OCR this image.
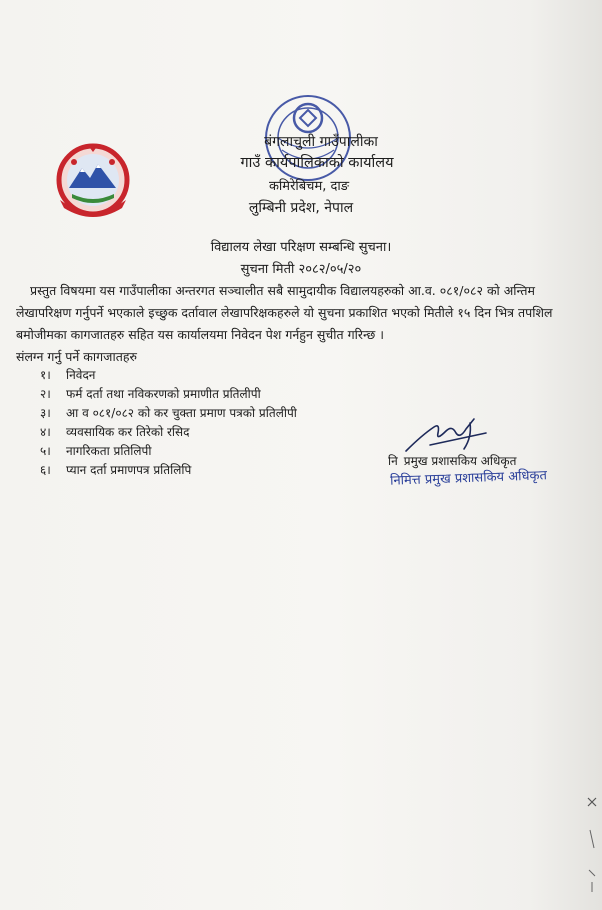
बंगलाचुली गाउँपालीका
गाउँ कार्यपालिकाको कार्यालय
कमिरेबिचम, दाङ
लुम्बिनी प्रदेश, नेपाल
विद्यालय लेखा परिक्षण सम्बन्धि सुचना।
सुचना मिती २०८२/०५/२०
प्रस्तुत विषयमा यस गाउँपालीका अन्तरगत सञ्चालीत सबै सामुदायीक विद्यालयहरुको आ.व. ०८१/०८२ को अन्तिम
लेखापरिक्षण गर्नुपर्ने भएकाले इच्छुक दर्तावाल लेखापरिक्षकहरुले यो सुचना प्रकाशित भएको मितीले १५ दिन भित्र तपशिल
बमोजीमका कागजातहरु सहित यस कार्यालयमा निवेदन पेश गर्नहुन सुचीत गरिन्छ ।
संलग्न गर्नु पर्ने कागजातहरु
१। निवेदन
२। फर्म दर्ता तथा नविकरणको प्रमाणीत प्रतिलीपी
३। आ व ०८१/०८२ को कर चुक्ता प्रमाण पत्रको प्रतिलीपी
४। व्यवसायिक कर तिरेको रसिद
५। नागरिकता प्रतिलिपी
६। प्यान दर्ता प्रमाणपत्र प्रतिलिपि
नि प्रमुख प्रशासकिय अधिकृत
निमित्त प्रमुख प्रशासकिय अधिकृत
